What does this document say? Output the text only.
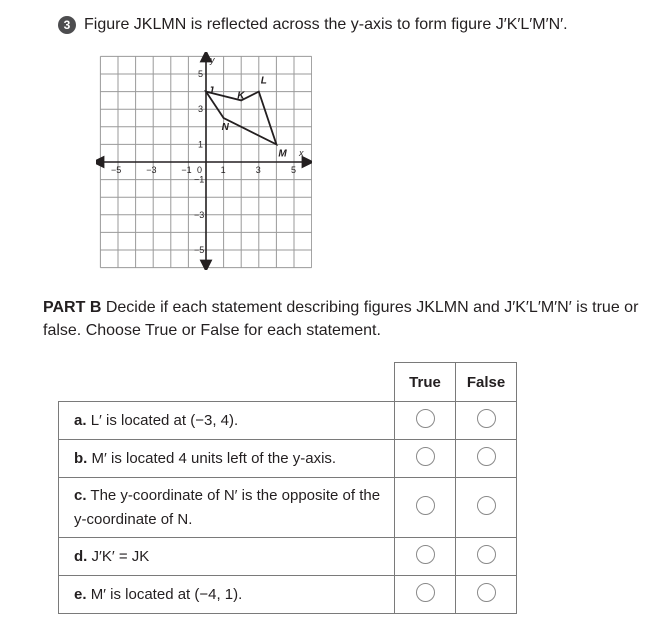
3 Figure JKLMN is reflected across the y-axis to form figure J′K′L′M′N′.
J K
L
M
N
x
y
0
−5	−3	−1	1	3	5
5
3
1
−1
−3
−5
PART B Decide if each statement describing figures JKLMN and J′K′L′M′N′ is true or false. Choose True or False for each statement.
	True	False
a. L′ is located at (−3, 4).		
b. M′ is located 4 units left of the y-axis.		
c. The y-coordinate of N′ is the opposite of the y-coordinate of N.		
d. J′K′ = JK		
e. M′ is located at (−4, 1).		
